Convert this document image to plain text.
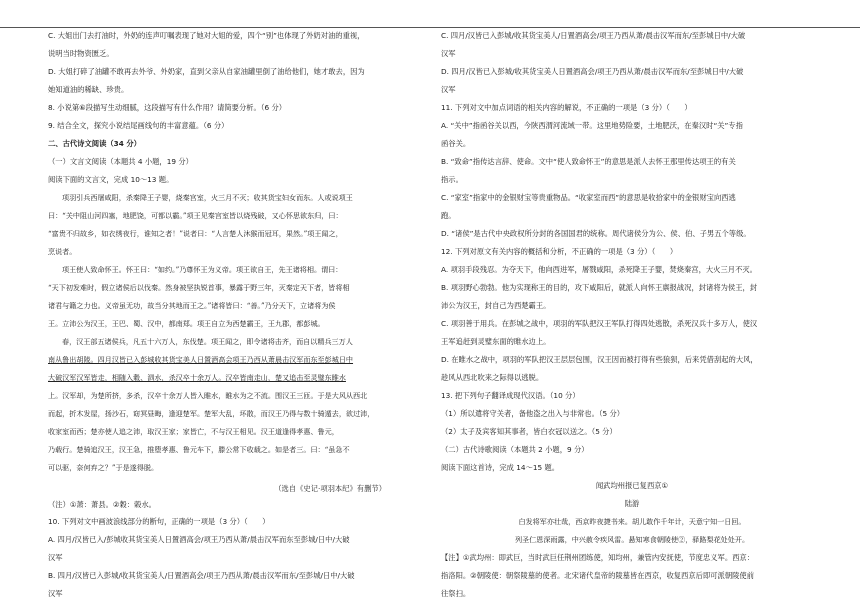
C. 大姐出门去打油时，外奶的连声叮嘱表现了她对大姐的爱，四个“别”也体现了外奶对油的重视，
说明当时物资匮乏。
D. 大姐打碎了油罐不敢再去外爷、外奶家，直到父亲从自家油罐里倒了油给他们，她才敢去，因为
她知道油的稀缺、珍贵。
8. 小说第⑥段描写生动细腻，这段描写有什么作用？请简要分析。（6 分）
9. 结合全文，探究小说结尾画线句的丰富意蕴。（6 分）
二、古代诗文阅读（34 分）
（一）文言文阅读（本题共 4 小题，19 分）
阅读下面的文言文，完成 10～13 题。
项羽引兵西屠咸阳，杀秦降王子婴，烧秦宫室，火三月不灭；收其货宝妇女而东。人或说项王
曰：“关中阻山河四塞，地肥饶，可都以霸。”项王见秦宫室皆以烧残破，又心怀思欲东归，曰：
“富贵不归故乡，如衣绣夜行，谁知之者！”说者曰：“人言楚人沐猴而冠耳，果然。”项王闻之，
烹说者。
项王使人致命怀王。怀王曰：“如约。”乃尊怀王为义帝。项王欲自王，先王诸将相。谓曰：
“天下初发难时，假立诸侯后以伐秦。然身被坚执锐首事，暴露于野三年，灭秦定天下者，皆将相
诸君与籍之力也。义帝虽无功，故当分其地而王之。”诸将皆曰：“善。”乃分天下，立诸将为侯
王。立沛公为汉王，王巴、蜀、汉中，都南郑。项王自立为西楚霸王，王九郡，都彭城。
春，汉王部五诸侯兵，凡五十六万人，东伐楚。项王闻之，即令诸将击齐，而自以精兵三万人
南从鲁出胡陵。四月汉皆已入彭城收其货宝美人日置酒高会项王乃西从萧晨击汉军而东至彭城日中
大破汉军汉军皆走，相随入穀、泗水，杀汉卒十余万人。汉卒皆南走山，楚又追击至灵璧东睢水
上。汉军却，为楚所挤，多杀，汉卒十余万人皆入睢水，睢水为之不流。围汉王三匝。于是大风从西北
而起，折木发屋，扬沙石，窈冥昼晦，逢迎楚军。楚军大乱，坏散，而汉王乃得与数十骑遁去，欲过沛，
收家室而西；楚亦使人追之沛，取汉王家；家皆亡，不与汉王相见。汉王道逢得孝惠、鲁元，
乃载行。楚骑追汉王，汉王急，推堕孝惠、鲁元车下，滕公常下收载之。如是者三。曰：“虽急不
可以驱，奈何弃之？”于是遂得脱。
（选自《史记·项羽本纪》有删节）
（注）①萧：萧县。②穀：榖水。
10. 下列对文中画波浪线部分的断句，正确的一项是（3 分）（　　）
A. 四月/汉皆已入/彭城收其货宝美人日置酒高会/项王乃西从萧/晨击汉军而东至彭城/日中/大破
汉军
B. 四月/汉皆已入彭城/收其货宝美人/日置酒高会/项王乃西从萧/晨击汉军而东/至彭城/日中/大破
汉军
C. 四月/汉皆已入彭城/收其货宝美人/日置酒高会/项王乃西从萧/晨击汉军而东/至彭城日中/大破
汉军
D. 四月/汉皆已入彭城/收其货宝美人日置酒高会/项王乃西从萧/晨击汉军而东/至彭城日中/大破
汉军
11. 下列对文中加点词语的相关内容的解说，不正确的一项是（3 分）（　　）
A. “关中”指函谷关以西，今陕西渭河流域一带。这里地势险要，土地肥沃，在秦汉时“关”专指
函谷关。
B. “致命”指传达言辞、使命。文中“使人致命怀王”的意思是派人去怀王那里传达项王的有关
指示。
C. “家室”指家中的金银财宝等贵重物品。“收家室而西”的意思是收拾家中的金银财宝向西逃
跑。
D. “诸侯”是古代中央政权所分封的各国国君的统称。周代诸侯分为公、侯、伯、子男五个等级。
12. 下列对原文有关内容的概括和分析，不正确的一项是（3 分）（　　）
A. 项羽手段残忍。为夺天下，他向西进军，屠戮咸阳，杀死降王子婴，焚烧秦宫，大火三月不灭。
B. 项羽野心勃勃。他为实现称王的目的，攻下咸阳后，就派人向怀王禀报战况，封诸将为侯王，封
沛公为汉王，封自己为西楚霸王。
C. 项羽善于用兵。在彭城之战中，项羽的军队把汉王军队打得四处逃散，杀死汉兵十多万人，使汉
王军追赶到灵璧东面的睢水边上。
D. 在睢水之战中，项羽的军队把汉王层层包围，汉王因而被打得有些狼狈，后来凭借刮起的大风，
趁风从西北吹来之际得以逃脱。
13. 把下列句子翻译成现代汉语。（10 分）
（1）所以遣将守关者，备他盗之出入与非常也。（5 分）
（2）太子及宾客知其事者，皆白衣冠以送之。（5 分）
（二）古代诗歌阅读（本题共 2 小题，9 分）
阅读下面这首诗，完成 14～15 题。
闻武均州报已复西京①
陆游
白发将军亦壮哉，西京昨夜捷书来。胡儿敢作千年计，天意宁知一日回。
列圣仁恩深雨露，中兴赦令疾风雷。悬知寒食朝陵使②，驿路梨花处处开。
【注】①武均州：即武巨，当时武巨任荆州团练使，知均州，兼管内安抚使，节度忠义军。西京：
指洛阳。②朝陵使：朝祭陵墓的使者。北宋诸代皇帝的陵墓皆在西京，收复西京后即可派朝陵使前
往祭扫。
